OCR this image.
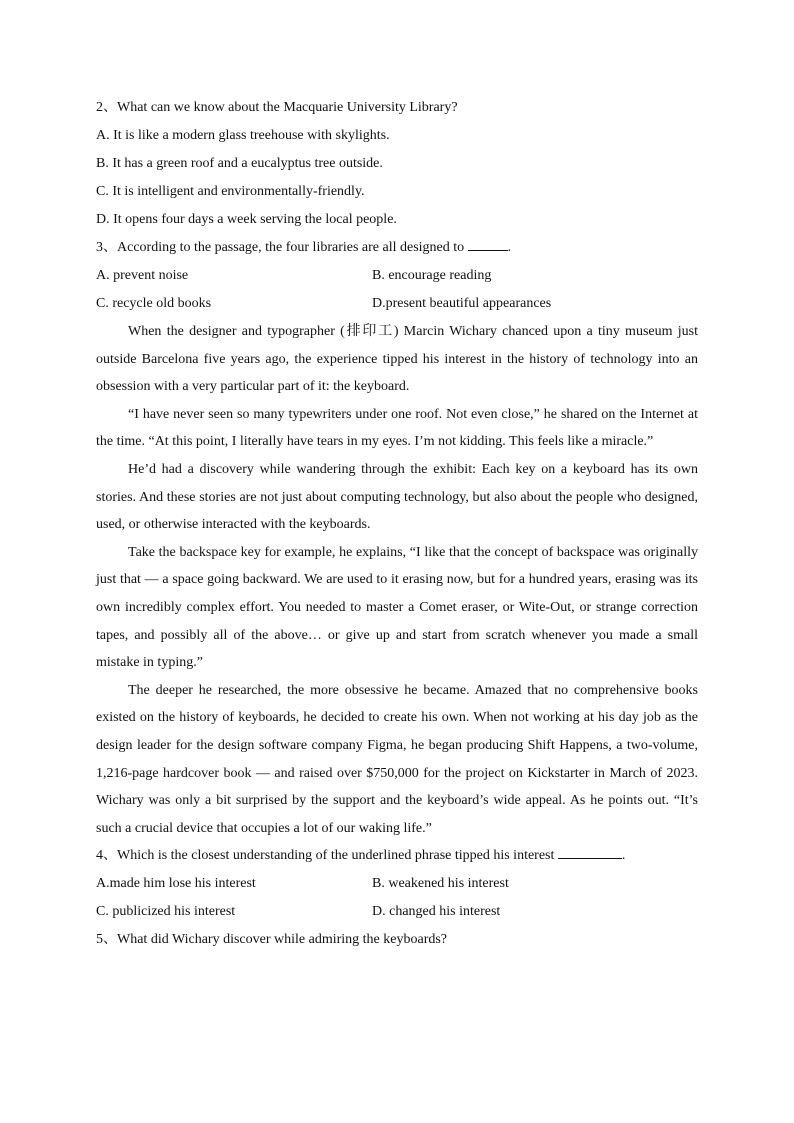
2、What can we know about the Macquarie University Library?
A. It is like a modern glass treehouse with skylights.
B. It has a green roof and a eucalyptus tree outside.
C. It is intelligent and environmentally-friendly.
D. It opens four days a week serving the local people.
3、According to the passage, the four libraries are all designed to	.
A. prevent noise	B. encourage reading
C. recycle old books	D.present beautiful appearances

When the designer and typographer (排印工) Marcin Wichary chanced upon a tiny museum just outside Barcelona five years ago, the experience tipped his interest in the history of technology into an obsession with a very particular part of it: the keyboard.

“I have never seen so many typewriters under one roof. Not even close,” he shared on the Internet at the time. “At this point, I literally have tears in my eyes. I’m not kidding. This feels like a miracle.”

He’d had a discovery while wandering through the exhibit: Each key on a keyboard has its own stories. And these stories are not just about computing technology, but also about the people who designed, used, or otherwise interacted with the keyboards.

Take the backspace key for example, he explains, “I like that the concept of backspace was originally just that — a space going backward. We are used to it erasing now, but for a hundred years, erasing was its own incredibly complex effort. You needed to master a Comet eraser, or Wite-Out, or strange correction tapes, and possibly all of the above… or give up and start from scratch whenever you made a small mistake in typing.”

The deeper he researched, the more obsessive he became. Amazed that no comprehensive books existed on the history of keyboards, he decided to create his own. When not working at his day job as the design leader for the design software company Figma, he began producing Shift Happens, a two-volume, 1,216-page hardcover book — and raised over $750,000 for the project on Kickstarter in March of 2023. Wichary was only a bit surprised by the support and the keyboard’s wide appeal. As he points out. “It’s such a crucial device that occupies a lot of our waking life.”

4、Which is the closest understanding of the underlined phrase tipped his interest	.
A.made him lose his interest	B. weakened his interest
C. publicized his interest	D. changed his interest
5、What did Wichary discover while admiring the keyboards?
